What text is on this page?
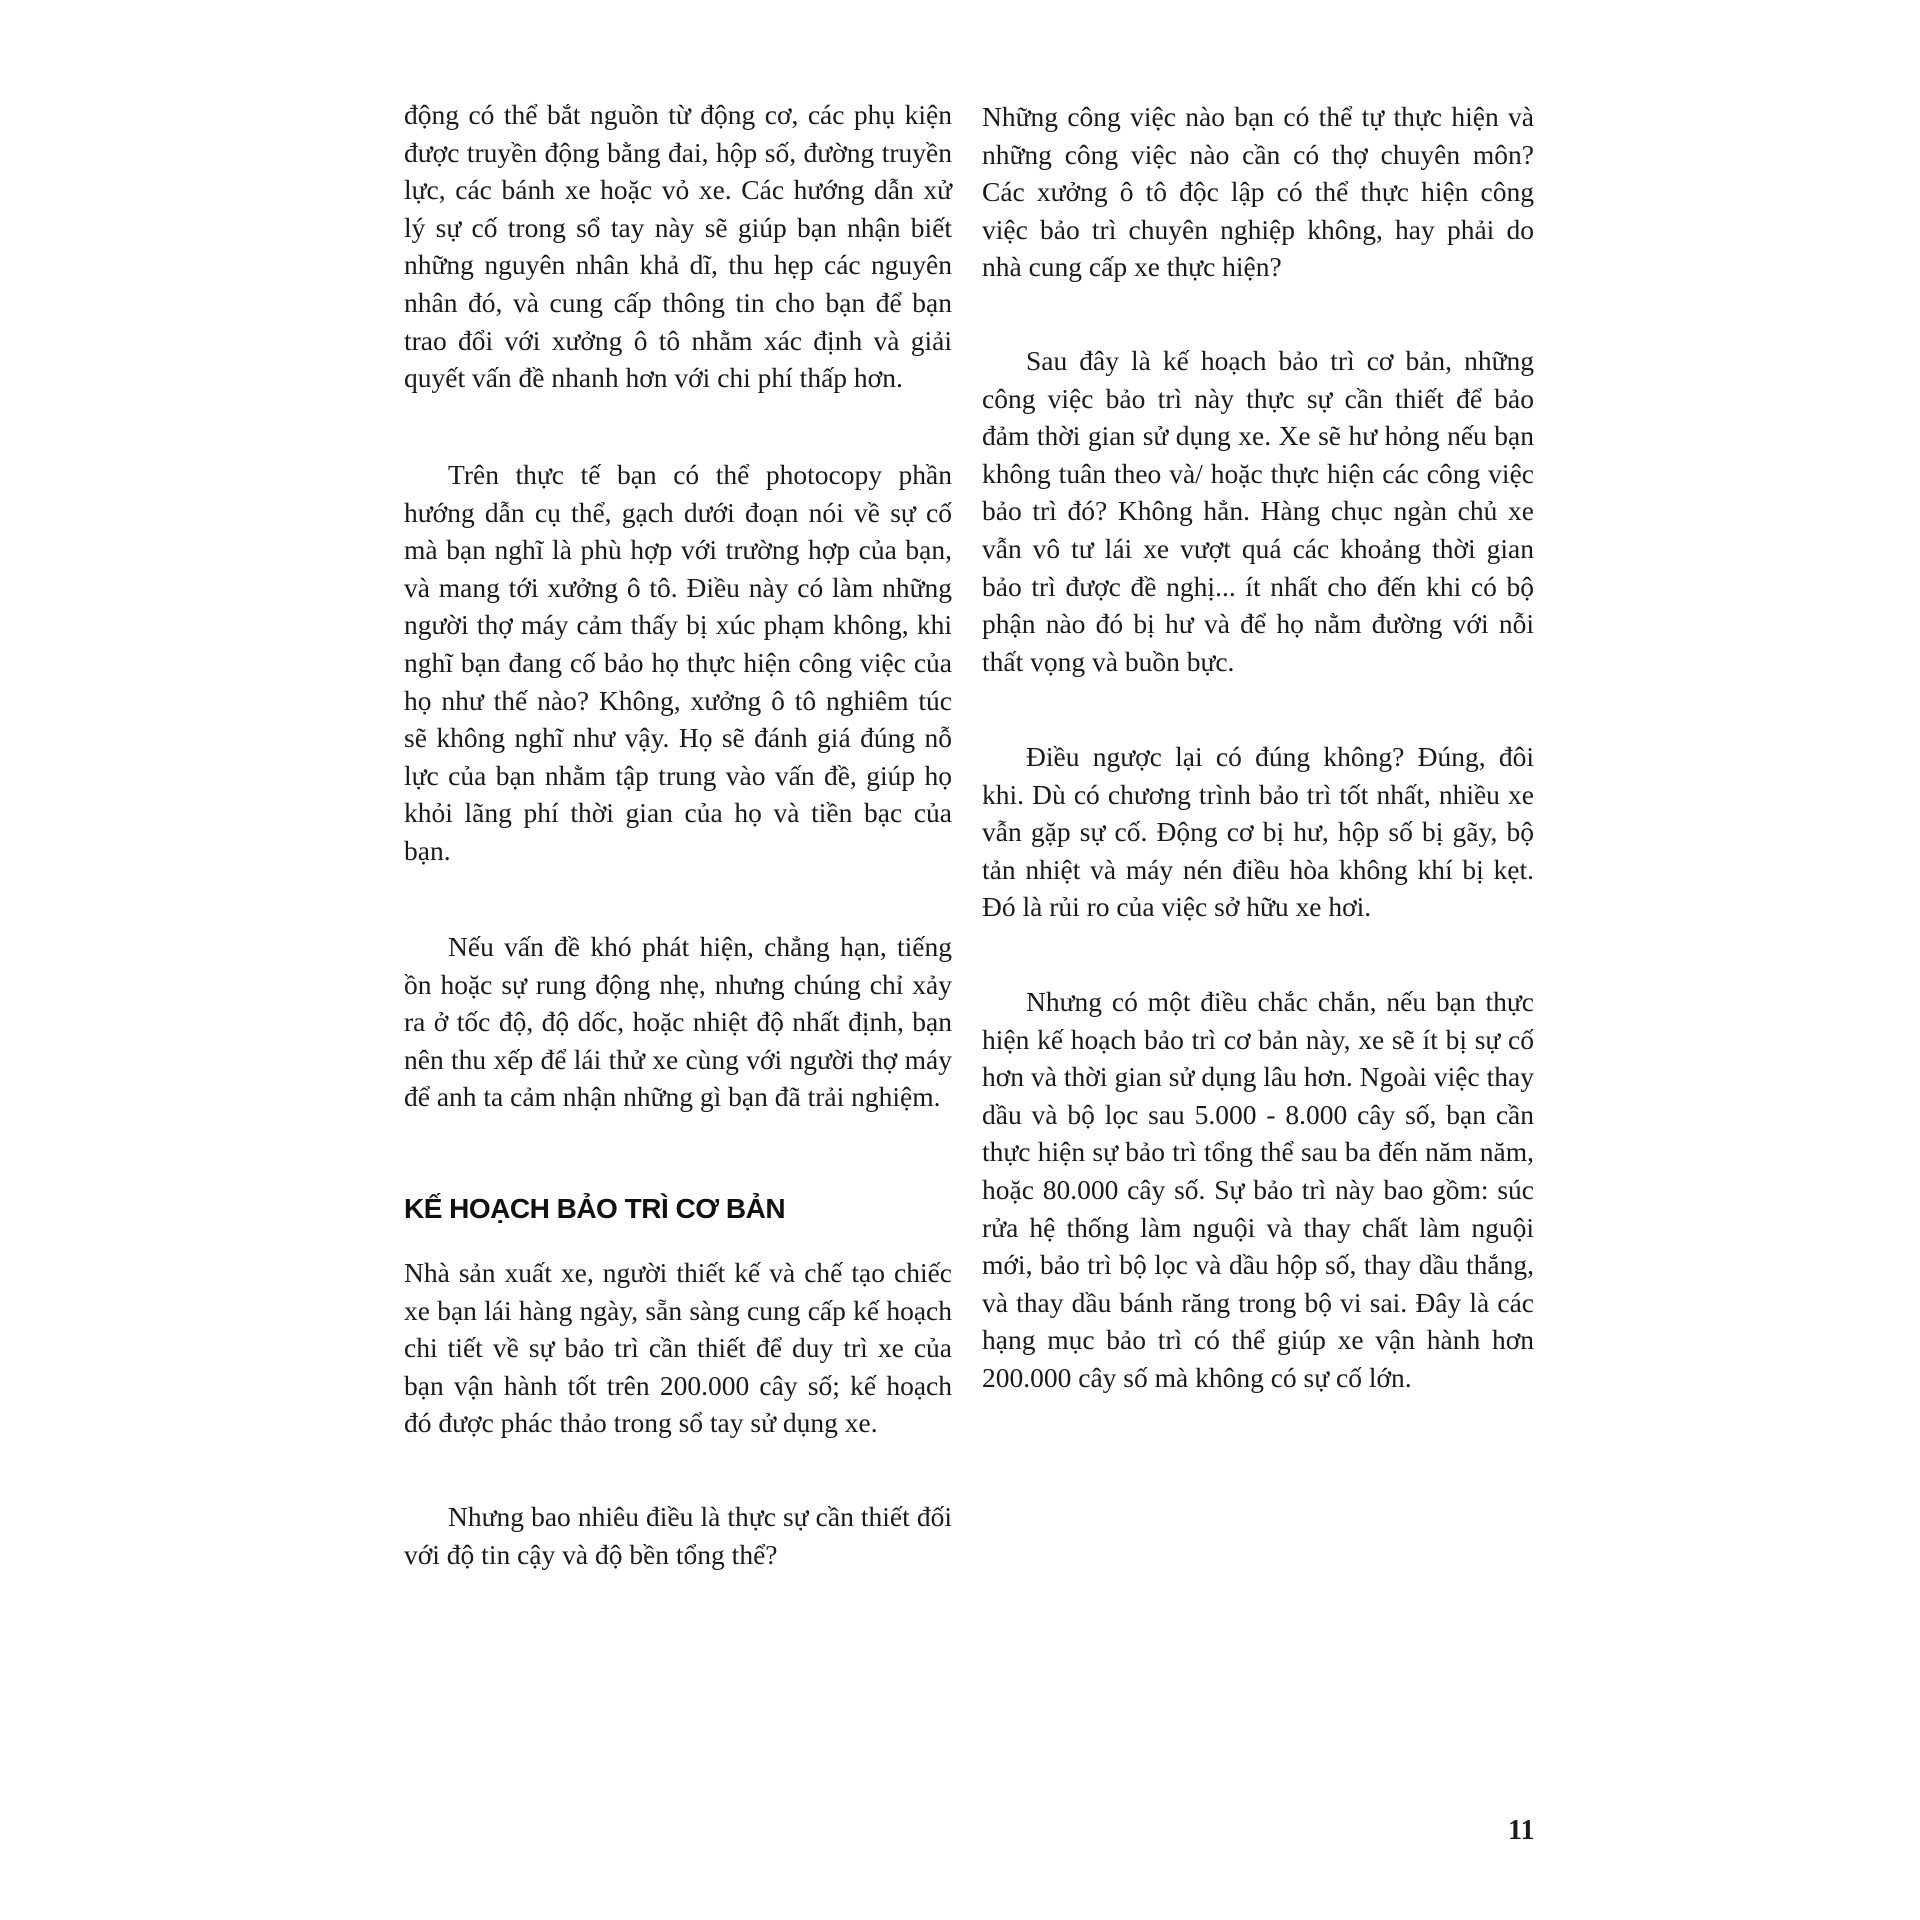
động có thể bắt nguồn từ động cơ, các phụ kiện được truyền động bằng đai, hộp số, đường truyền lực, các bánh xe hoặc vỏ xe. Các hướng dẫn xử lý sự cố trong sổ tay này sẽ giúp bạn nhận biết những nguyên nhân khả dĩ, thu hẹp các nguyên nhân đó, và cung cấp thông tin cho bạn để bạn trao đổi với xưởng ô tô nhằm xác định và giải quyết vấn đề nhanh hơn với chi phí thấp hơn.

Trên thực tế bạn có thể photocopy phần hướng dẫn cụ thể, gạch dưới đoạn nói về sự cố mà bạn nghĩ là phù hợp với trường hợp của bạn, và mang tới xưởng ô tô. Điều này có làm những người thợ máy cảm thấy bị xúc phạm không, khi nghĩ bạn đang cố bảo họ thực hiện công việc của họ như thế nào? Không, xưởng ô tô nghiêm túc sẽ không nghĩ như vậy. Họ sẽ đánh giá đúng nỗ lực của bạn nhằm tập trung vào vấn đề, giúp họ khỏi lãng phí thời gian của họ và tiền bạc của bạn.

Nếu vấn đề khó phát hiện, chẳng hạn, tiếng ồn hoặc sự rung động nhẹ, nhưng chúng chỉ xảy ra ở tốc độ, độ dốc, hoặc nhiệt độ nhất định, bạn nên thu xếp để lái thử xe cùng với người thợ máy để anh ta cảm nhận những gì bạn đã trải nghiệm.

KẾ HOẠCH BẢO TRÌ CƠ BẢN

Nhà sản xuất xe, người thiết kế và chế tạo chiếc xe bạn lái hàng ngày, sẵn sàng cung cấp kế hoạch chi tiết về sự bảo trì cần thiết để duy trì xe của bạn vận hành tốt trên 200.000 cây số; kế hoạch đó được phác thảo trong sổ tay sử dụng xe.

Nhưng bao nhiêu điều là thực sự cần thiết đối với độ tin cậy và độ bền tổng thể?

Những công việc nào bạn có thể tự thực hiện và những công việc nào cần có thợ chuyên môn? Các xưởng ô tô độc lập có thể thực hiện công việc bảo trì chuyên nghiệp không, hay phải do nhà cung cấp xe thực hiện?

Sau đây là kế hoạch bảo trì cơ bản, những công việc bảo trì này thực sự cần thiết để bảo đảm thời gian sử dụng xe. Xe sẽ hư hỏng nếu bạn không tuân theo và/ hoặc thực hiện các công việc bảo trì đó? Không hẳn. Hàng chục ngàn chủ xe vẫn vô tư lái xe vượt quá các khoảng thời gian bảo trì được đề nghị... ít nhất cho đến khi có bộ phận nào đó bị hư và để họ nằm đường với nỗi thất vọng và buồn bực.

Điều ngược lại có đúng không? Đúng, đôi khi. Dù có chương trình bảo trì tốt nhất, nhiều xe vẫn gặp sự cố. Động cơ bị hư, hộp số bị gãy, bộ tản nhiệt và máy nén điều hòa không khí bị kẹt. Đó là rủi ro của việc sở hữu xe hơi.

Nhưng có một điều chắc chắn, nếu bạn thực hiện kế hoạch bảo trì cơ bản này, xe sẽ ít bị sự cố hơn và thời gian sử dụng lâu hơn. Ngoài việc thay dầu và bộ lọc sau 5.000 - 8.000 cây số, bạn cần thực hiện sự bảo trì tổng thể sau ba đến năm năm, hoặc 80.000 cây số. Sự bảo trì này bao gồm: súc rửa hệ thống làm nguội và thay chất làm nguội mới, bảo trì bộ lọc và dầu hộp số, thay dầu thắng, và thay dầu bánh răng trong bộ vi sai. Đây là các hạng mục bảo trì có thể giúp xe vận hành hơn 200.000 cây số mà không có sự cố lớn.

11
